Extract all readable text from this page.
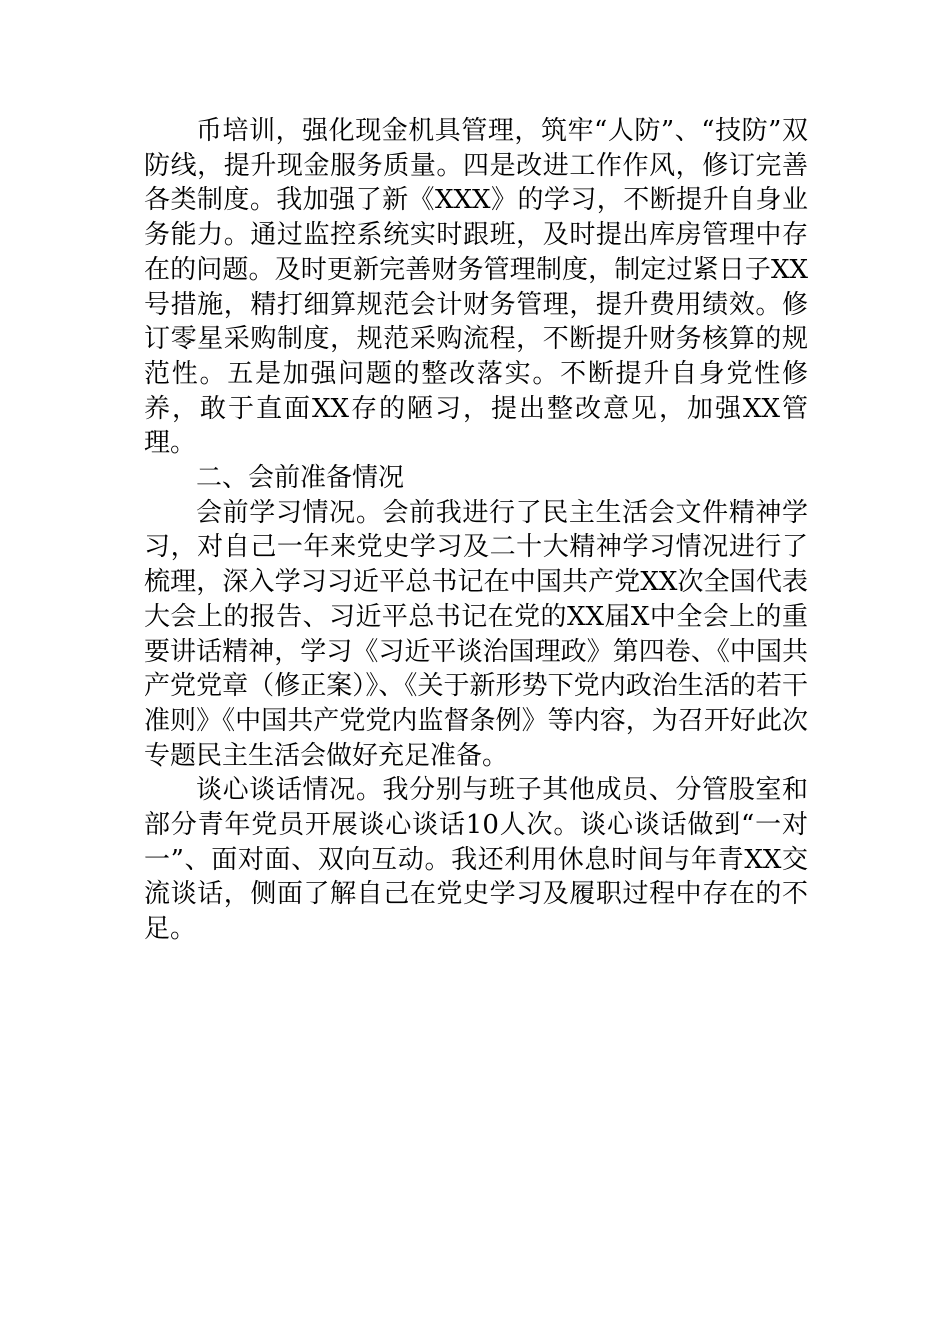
币培训，强化现金机具管理，筑牢“人防”、“技防”双防线，提升现金服务质量。四是改进工作作风，修订完善各类制度。我加强了新《XXX》的学习，不断提升自身业务能力。通过监控系统实时跟班，及时提出库房管理中存在的问题。及时更新完善财务管理制度，制定过紧日子XX号措施，精打细算规范会计财务管理，提升费用绩效。修订零星采购制度，规范采购流程，不断提升财务核算的规范性。五是加强问题的整改落实。不断提升自身党性修养，敢于直面XX存的陋习，提出整改意见，加强XX管理。

二、会前准备情况

会前学习情况。会前我进行了民主生活会文件精神学习，对自己一年来党史学习及二十大精神学习情况进行了梳理，深入学习习近平总书记在中国共产党XX次全国代表大会上的报告、习近平总书记在党的XX届X中全会上的重要讲话精神，学习《习近平谈治国理政》第四卷、《中国共产党党章（修正案）》、《关于新形势下党内政治生活的若干准则》《中国共产党党内监督条例》等内容，为召开好此次专题民主生活会做好充足准备。

谈心谈话情况。我分别与班子其他成员、分管股室和部分青年党员开展谈心谈话10人次。谈心谈话做到“一对一”、面对面、双向互动。我还利用休息时间与年青XX交流谈话，侧面了解自己在党史学习及履职过程中存在的不足。
